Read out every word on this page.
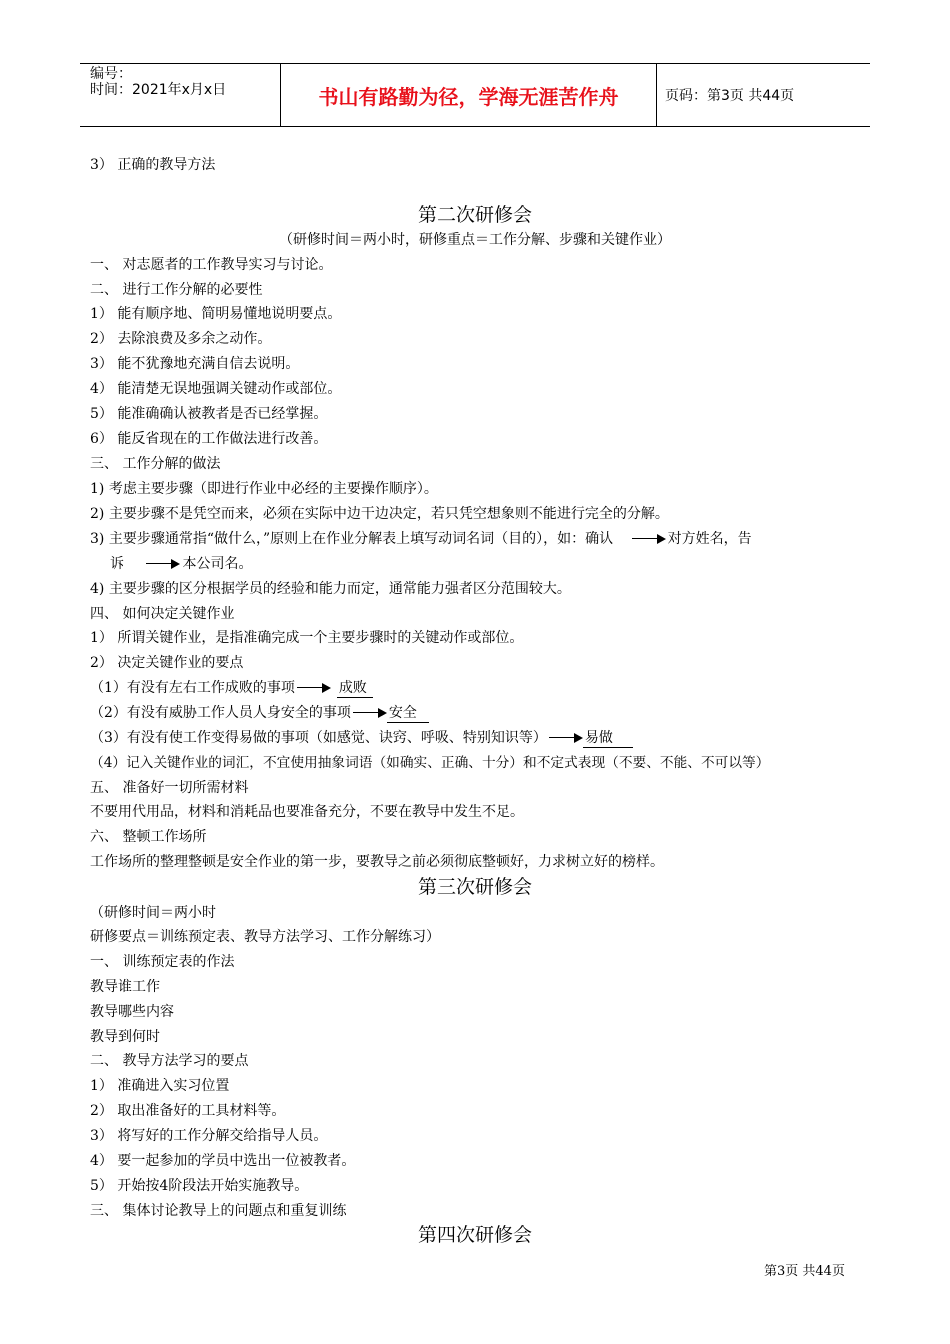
编号：
时间：2021年x月x日	书山有路勤为径，学海无涯苦作舟	页码：第3页 共44页
3） 正确的教导方法
第二次研修会
（研修时间＝两小时，研修重点＝工作分解、步骤和关键作业）
一、 对志愿者的工作教导实习与讨论。
二、 进行工作分解的必要性
1） 能有顺序地、简明易懂地说明要点。
2） 去除浪费及多余之动作。
3） 能不犹豫地充满自信去说明。
4） 能清楚无误地强调关键动作或部位。
5） 能准确确认被教者是否已经掌握。
6） 能反省现在的工作做法进行改善。
三、 工作分解的做法
1) 考虑主要步骤（即进行作业中必经的主要操作顺序）。
2) 主要步骤不是凭空而来，必须在实际中边干边决定，若只凭空想象则不能进行完全的分解。
3) 主要步骤通常指“做什么，”原则上在作业分解表上填写动词名词（目的），如：确认	对方姓名，告
诉	本公司名。
4) 主要步骤的区分根据学员的经验和能力而定，通常能力强者区分范围较大。
四、 如何决定关键作业
1） 所谓关键作业，是指准确完成一个主要步骤时的关键动作或部位。
2） 决定关键作业的要点
（1）有没有左右工作成败的事项	成败
（2）有没有威胁工作人员人身安全的事项	安全
（3）有没有使工作变得易做的事项（如感觉、诀窍、呼吸、特别知识等）	易做
（4）记入关键作业的词汇，不宜使用抽象词语（如确实、正确、十分）和不定式表现（不要、不能、不可以等）
五、 准备好一切所需材料
不要用代用品，材料和消耗品也要准备充分，不要在教导中发生不足。
六、 整顿工作场所
工作场所的整理整顿是安全作业的第一步，要教导之前必须彻底整顿好，力求树立好的榜样。
第三次研修会
（研修时间＝两小时
研修要点＝训练预定表、教导方法学习、工作分解练习）
一、 训练预定表的作法
教导谁工作
教导哪些内容
教导到何时
二、 教导方法学习的要点
1） 准确进入实习位置
2） 取出准备好的工具材料等。
3） 将写好的工作分解交给指导人员。
4） 要一起参加的学员中选出一位被教者。
5） 开始按4阶段法开始实施教导。
三、 集体讨论教导上的问题点和重复训练
第四次研修会
第3页 共44页
